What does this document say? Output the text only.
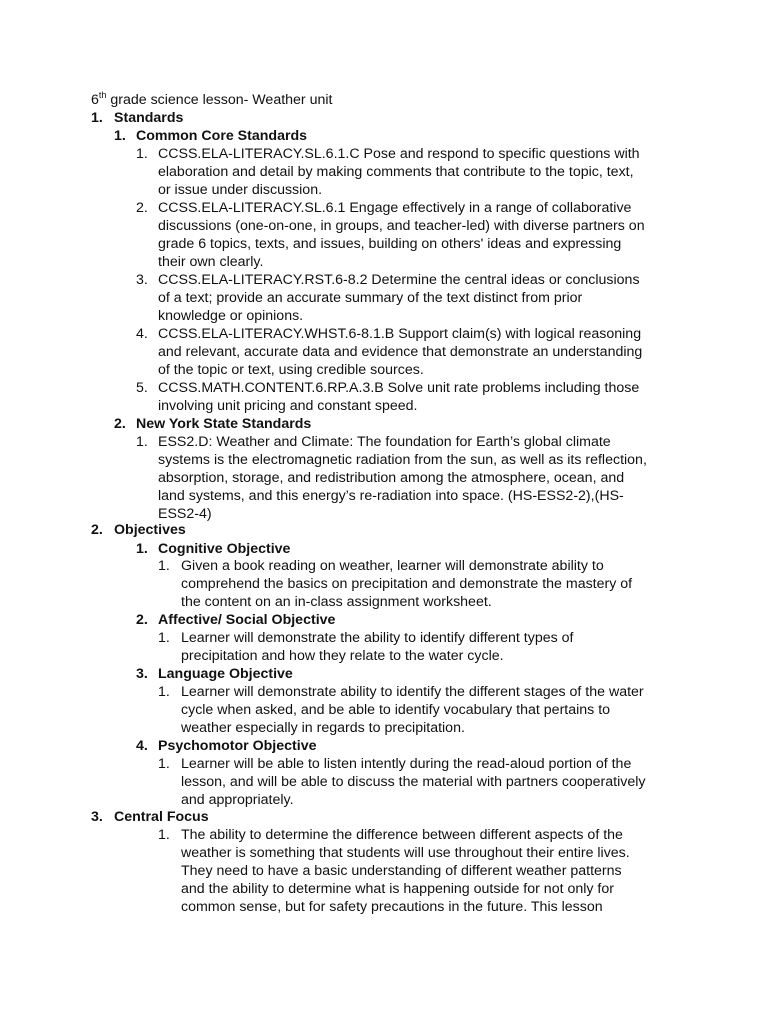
6th grade science lesson- Weather unit
1. Standards
1. Common Core Standards
1. CCSS.ELA-LITERACY.SL.6.1.C Pose and respond to specific questions with
elaboration and detail by making comments that contribute to the topic, text,
or issue under discussion.
2. CCSS.ELA-LITERACY.SL.6.1 Engage effectively in a range of collaborative
discussions (one-on-one, in groups, and teacher-led) with diverse partners on
grade 6 topics, texts, and issues, building on others' ideas and expressing
their own clearly.
3. CCSS.ELA-LITERACY.RST.6-8.2 Determine the central ideas or conclusions
of a text; provide an accurate summary of the text distinct from prior
knowledge or opinions.
4. CCSS.ELA-LITERACY.WHST.6-8.1.B Support claim(s) with logical reasoning
and relevant, accurate data and evidence that demonstrate an understanding
of the topic or text, using credible sources.
5. CCSS.MATH.CONTENT.6.RP.A.3.B Solve unit rate problems including those
involving unit pricing and constant speed.
2. New York State Standards
1. ESS2.D: Weather and Climate: The foundation for Earth’s global climate
systems is the electromagnetic radiation from the sun, as well as its reflection,
absorption, storage, and redistribution among the atmosphere, ocean, and
land systems, and this energy’s re-radiation into space. (HS-ESS2-2),(HS-
ESS2-4)
2. Objectives
1. Cognitive Objective
1. Given a book reading on weather, learner will demonstrate ability to
comprehend the basics on precipitation and demonstrate the mastery of
the content on an in-class assignment worksheet.
2. Affective/ Social Objective
1. Learner will demonstrate the ability to identify different types of
precipitation and how they relate to the water cycle.
3. Language Objective
1. Learner will demonstrate ability to identify the different stages of the water
cycle when asked, and be able to identify vocabulary that pertains to
weather especially in regards to precipitation.
4. Psychomotor Objective
1. Learner will be able to listen intently during the read-aloud portion of the
lesson, and will be able to discuss the material with partners cooperatively
and appropriately.
3. Central Focus
1. The ability to determine the difference between different aspects of the
weather is something that students will use throughout their entire lives.
They need to have a basic understanding of different weather patterns
and the ability to determine what is happening outside for not only for
common sense, but for safety precautions in the future. This lesson
